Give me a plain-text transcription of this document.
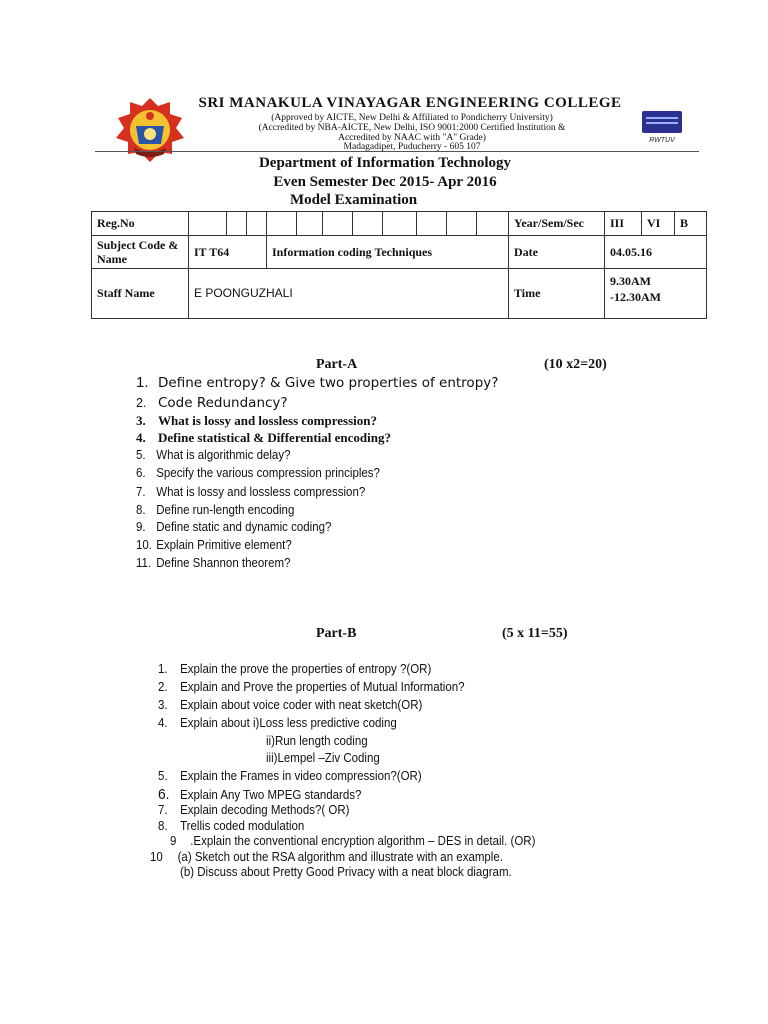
SRI MANAKULA VINAYAGAR ENGINEERING COLLEGE
(Approved by AICTE, New Delhi & Affiliated to Pondicherry University)
(Accredited by NBA-AICTE, New Delhi, ISO 9001:2000 Certified Institution &
Accredited by NAAC with "A" Grade)
Madagadipet, Puducherry - 605 107
RWTUV
Department of Information Technology
Even Semester Dec 2015- Apr 2016
Model Examination
Reg.No												Year/Sem/Sec	III	VI	B
Subject Code & Name	IT T64			Information coding Techniques								Date	04.05.16		
Staff Name	E POONGUZHALI											Time	9.30AM
-12.30AM		
Part-A	(10 x2=20)
1. Define entropy? & Give two properties of entropy?
2. Code Redundancy?
3. What is lossy and lossless compression?
4. Define statistical & Differential encoding?
5. What is algorithmic delay?
6. Specify the various compression principles?
7. What is lossy and lossless compression?
8. Define run-length encoding
9. Define static and dynamic coding?
10. Explain Primitive element?
11. Define Shannon theorem?
Part-B	(5 x 11=55)
1. Explain the prove the properties of entropy ?(OR)
2. Explain and Prove the properties of Mutual Information?
3. Explain about voice coder with neat sketch(OR)
4. Explain about i)Loss less predictive coding
ii)Run length coding
iii)Lempel –Ziv Coding
5. Explain the Frames in video compression?(OR)
6. Explain Any Two MPEG standards?
7. Explain decoding Methods?( OR)
8. Trellis coded modulation
9 .Explain the conventional encryption algorithm – DES in detail. (OR)
10 (a) Sketch out the RSA algorithm and illustrate with an example.
(b) Discuss about Pretty Good Privacy with a neat block diagram.
